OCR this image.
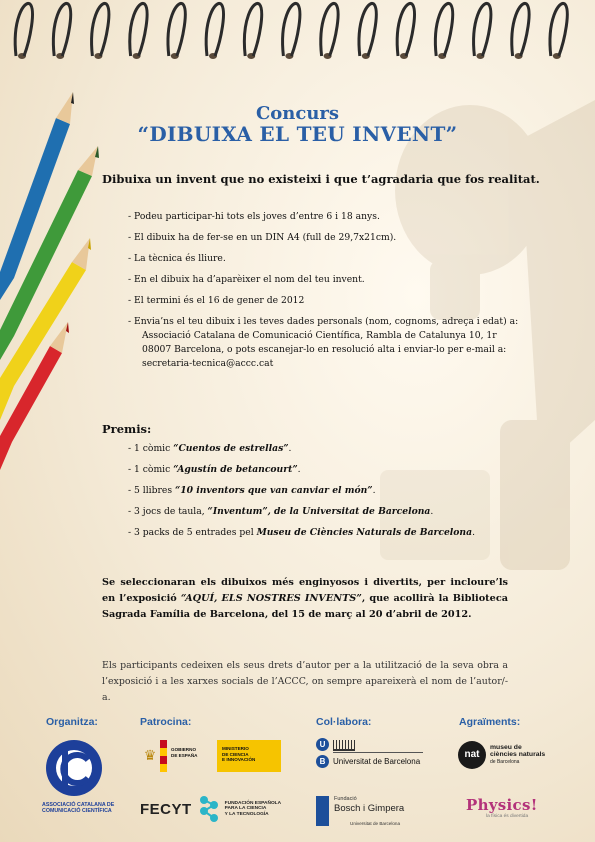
Concurs
“DIBUIXA EL TEU INVENT”
Dibuixa un invent que no existeixi i que t’agradaria que fos realitat.
- Podeu participar-hi tots els joves d’entre 6 i 18 anys.
- El dibuix ha de fer-se en un DIN A4 (full de 29,7x21cm).
- La tècnica és lliure.
- En el dibuix ha d’aparèixer el nom del teu invent.
- El termini és el 16 de gener de 2012
- Envia’ns el teu dibuix i les teves dades personals (nom, cognoms, adreça i edat) a:
Associació Catalana de Comunicació Científica, Rambla de Catalunya 10, 1r
08007 Barcelona, o pots escanejar-lo en resolució alta i enviar-lo per e-mail a:
secretaria-tecnica@accc.cat
Premis:
- 1 còmic “Cuentos de estrellas”.
- 1 còmic “Agustín de betancourt”.
- 5 llibres “10 inventors que van canviar el món”.
- 3 jocs de taula, “Inventum”, de la Universitat de Barcelona.
- 3 packs de 5 entrades pel Museu de Ciències Naturals de Barcelona.
Se seleccionaran els dibuixos més enginyosos i divertits, per incloure’ls en l’exposició “AQUÍ, ELS NOSTRES INVENTS”, que acollirà la Biblioteca Sagrada Família de Barcelona, del 15 de març al 20 d’abril de 2012.
Els participants cedeixen els seus drets d’autor per a la utilització de la seva obra a l’exposició i a les xarxes socials de l’ACCC, on sempre apareixerà el nom de l’autor/-a.
Organitza:	Patrocina:	Col·labora:	Agraïments:
ASSOCIACIÓ CATALANA DE
COMUNICACIÓ CIENTÍFICA
♛	GOBIERNO
DE ESPAÑA
MINISTERIO
DE CIENCIA
E INNOVACIÓN
FECYT	FUNDACIÓN ESPAÑOLA
PARA LA CIENCIA
Y LA TECNOLOGÍA
U
B Universitat de Barcelona
Fundació
Bosch i Gimpera
Universitat de Barcelona
nat
museu de
ciències naturals
de Barcelona
Physics!
la física és divertida
